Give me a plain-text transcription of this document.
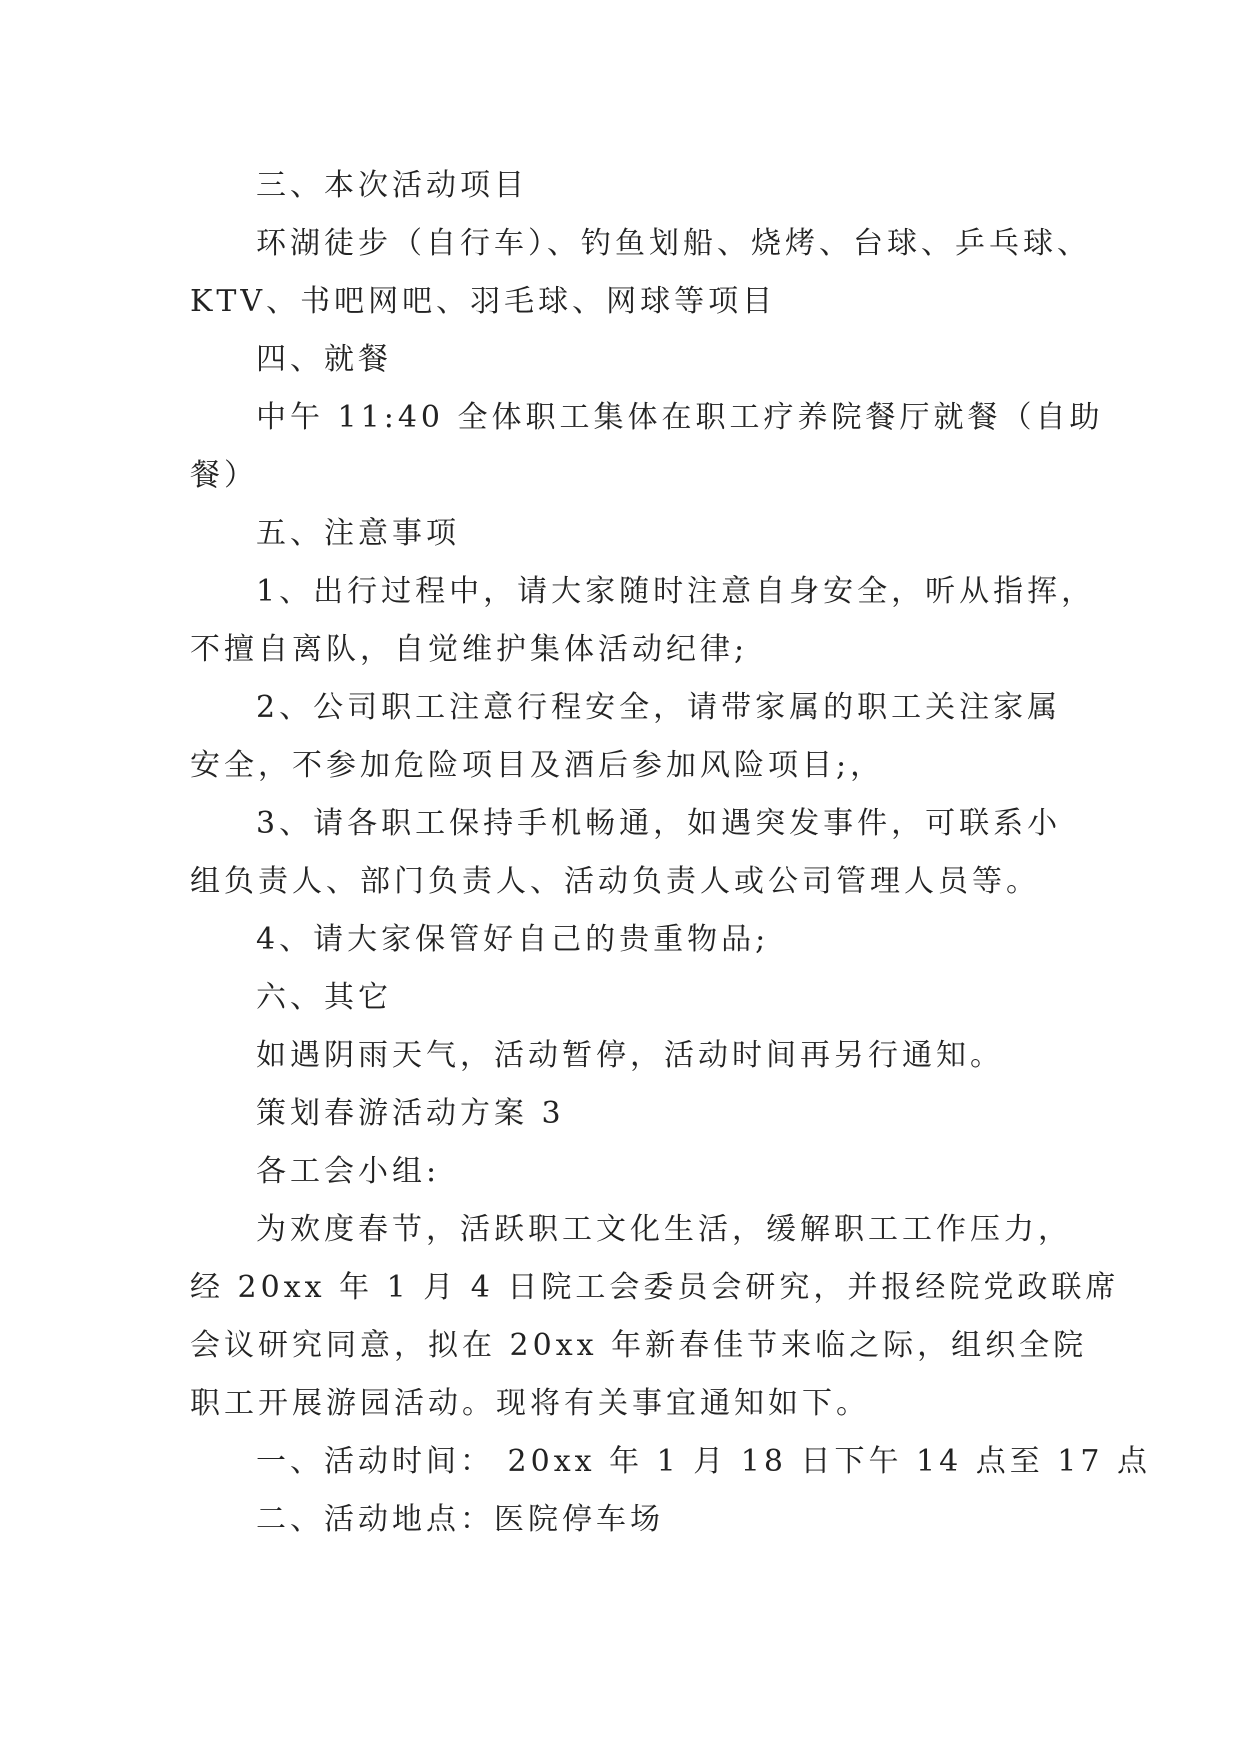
三、本次活动项目

环湖徒步（自行车）、钓鱼划船、烧烤、台球、乒乓球、

KTV、书吧网吧、羽毛球、网球等项目

四、就餐

中午 11:40 全体职工集体在职工疗养院餐厅就餐（自助

餐）

五、注意事项

1、出行过程中，请大家随时注意自身安全，听从指挥，

不擅自离队，自觉维护集体活动纪律;

2、公司职工注意行程安全，请带家属的职工关注家属

安全，不参加危险项目及酒后参加风险项目;，

3、请各职工保持手机畅通，如遇突发事件，可联系小

组负责人、部门负责人、活动负责人或公司管理人员等。

4、请大家保管好自己的贵重物品;

六、其它

如遇阴雨天气，活动暂停，活动时间再另行通知。

策划春游活动方案 3

各工会小组:

为欢度春节，活跃职工文化生活，缓解职工工作压力，

经 20xx 年 1 月 4 日院工会委员会研究，并报经院党政联席

会议研究同意，拟在 20xx 年新春佳节来临之际，组织全院

职工开展游园活动。现将有关事宜通知如下。

一、活动时间： 20xx 年 1 月 18 日下午 14 点至 17 点

二、活动地点：医院停车场
